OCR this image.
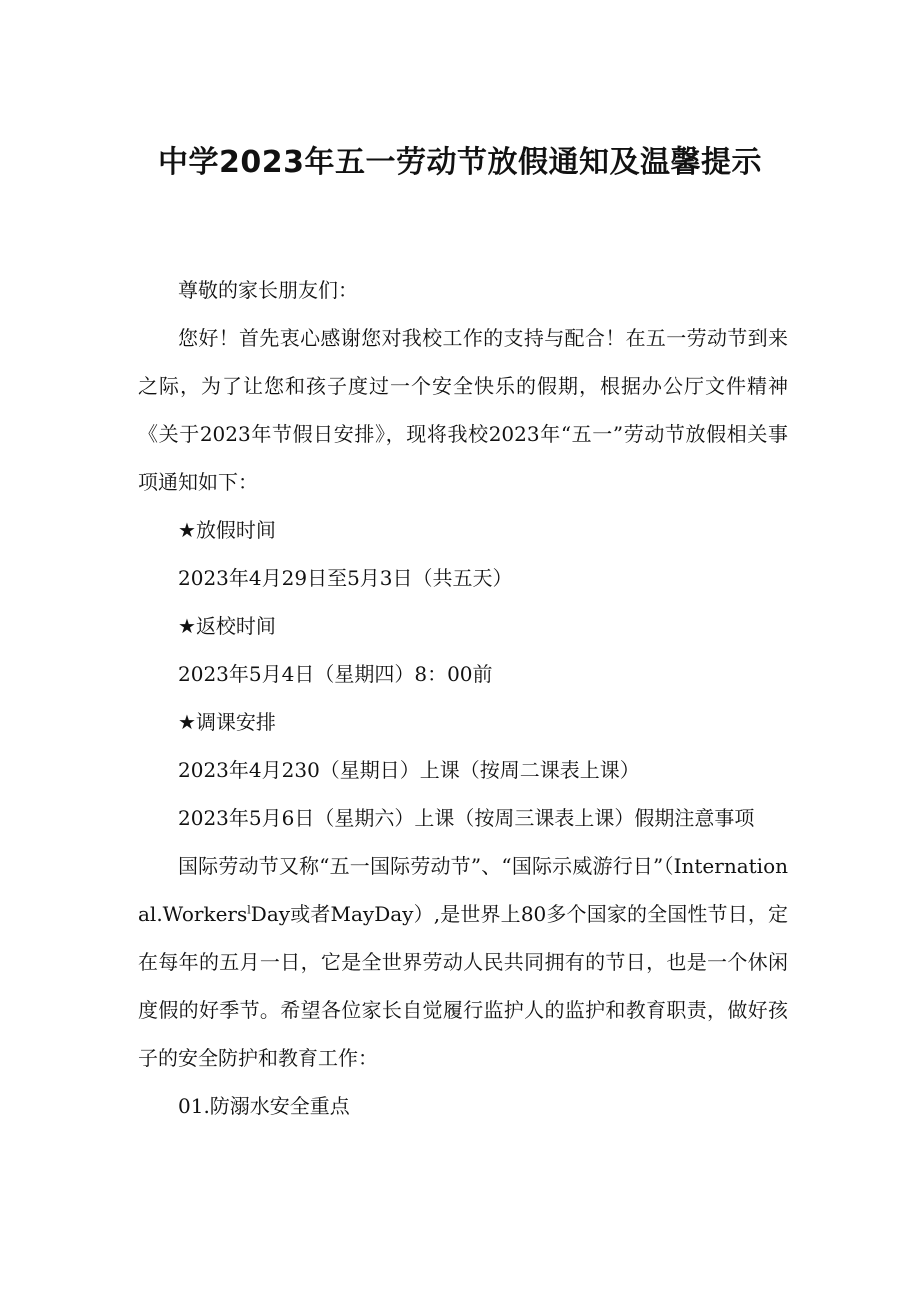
中学2023年五一劳动节放假通知及温馨提示

尊敬的家长朋友们：

您好！首先衷心感谢您对我校工作的支持与配合！在五一劳动节到来之际，为了让您和孩子度过一个安全快乐的假期，根据办公厅文件精神《关于2023年节假日安排》，现将我校2023年“五一”劳动节放假相关事项通知如下：

★放假时间

2023年4月29日至5月3日（共五天）

★返校时间

2023年5月4日（星期四）8：00前

★调课安排

2023年4月230（星期日）上课（按周二课表上课）

2023年5月6日（星期六）上课（按周三课表上课）假期注意事项

国际劳动节又称“五一国际劳动节”、“国际示威游行日”（International.Workers$^l$Day或者MayDay）,是世界上80多个国家的全国性节日，定在每年的五月一日，它是全世界劳动人民共同拥有的节日，也是一个休闲度假的好季节。希望各位家长自觉履行监护人的监护和教育职责，做好孩子的安全防护和教育工作：

01.防溺水安全重点
